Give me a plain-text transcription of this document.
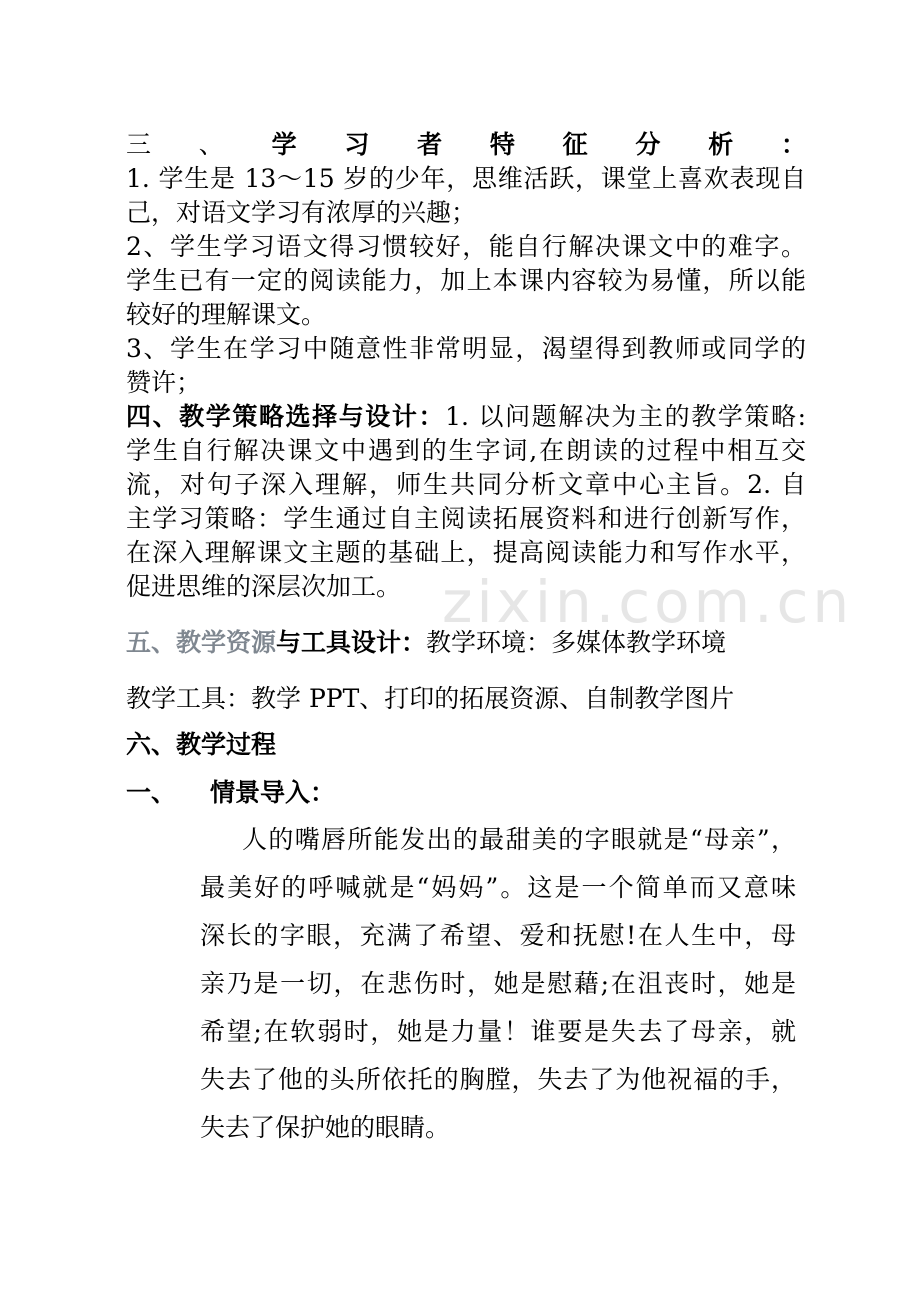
zixin.com.cn
三、学习者特征分析：
1. 学生是 13～15 岁的少年，思维活跃，课堂上喜欢表现自
己，对语文学习有浓厚的兴趣；
2、学生学习语文得习惯较好，能自行解决课文中的难字。
学生已有一定的阅读能力，加上本课内容较为易懂，所以能
较好的理解课文。
3、学生在学习中随意性非常明显，渴望得到教师或同学的
赞许；
四、教学策略选择与设计：1. 以问题解决为主的教学策略:
学生自行解决课文中遇到的生字词,在朗读的过程中相互交
流，对句子深入理解，师生共同分析文章中心主旨。2. 自
主学习策略：学生通过自主阅读拓展资料和进行创新写作，
在深入理解课文主题的基础上，提高阅读能力和写作水平，
促进思维的深层次加工。
五、教学资源与工具设计：教学环境：多媒体教学环境
教学工具：教学 PPT、打印的拓展资源、自制教学图片
六、教学过程
一、 情景导入：
人的嘴唇所能发出的最甜美的字眼就是“母亲”，
最美好的呼喊就是“妈妈”。这是一个简单而又意味
深长的字眼，充满了希望、爱和抚慰!在人生中，母
亲乃是一切，在悲伤时，她是慰藉;在沮丧时，她是
希望;在软弱时，她是力量！谁要是失去了母亲，就
失去了他的头所依托的胸膛，失去了为他祝福的手，
失去了保护她的眼睛。
